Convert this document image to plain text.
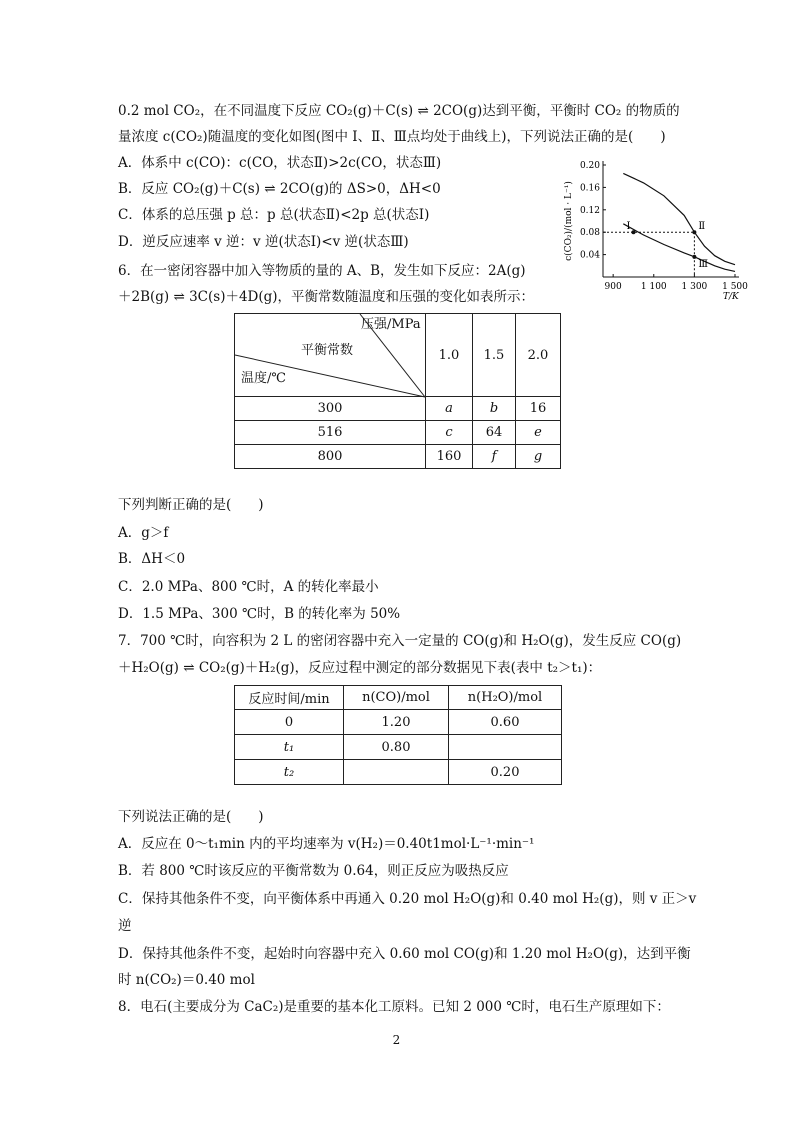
0.2 mol CO₂，在不同温度下反应 CO₂(g)＋C(s) ⇌ 2CO(g)达到平衡，平衡时 CO₂ 的物质的
量浓度 c(CO₂)随温度的变化如图(图中 Ⅰ、Ⅱ、Ⅲ点均处于曲线上)，下列说法正确的是(　　)
A．体系中 c(CO)：c(CO，状态Ⅱ)>2c(CO，状态Ⅲ)
B．反应 CO₂(g)＋C(s) ⇌ 2CO(g)的 ΔS>0，ΔH<0
C．体系的总压强 p 总：p 总(状态Ⅱ)<2p 总(状态Ⅰ)
D．逆反应速率 v 逆：v 逆(状态Ⅰ)<v 逆(状态Ⅲ)
0.04
0.08
0.12
0.16
0.20
900 1 100 1 300 1 500
T/K
c(CO₂)/(mol · L⁻¹)	Ⅰ	Ⅱ
Ⅲ
6．在一密闭容器中加入等物质的量的 A、B，发生如下反应：2A(g)
＋2B(g) ⇌ 3C(s)＋4D(g)，平衡常数随温度和压强的变化如表所示：
压强/MPa
平衡常数
温度/℃	1.0	1.5	2.0
300	a	b	16
516	c	64	e
800	160	f	g
下列判断正确的是(　　)
A．g＞f
B．ΔH＜0
C．2.0 MPa、800 ℃时，A 的转化率最小
D．1.5 MPa、300 ℃时，B 的转化率为 50%
7．700 ℃时，向容积为 2 L 的密闭容器中充入一定量的 CO(g)和 H₂O(g)，发生反应 CO(g)
＋H₂O(g) ⇌ CO₂(g)＋H₂(g)，反应过程中测定的部分数据见下表(表中 t₂＞t₁)：
反应时间/min	n(CO)/mol	n(H₂O)/mol
0	1.20	0.60
t₁	0.80	
t₂		0.20
下列说法正确的是(　　)
A．反应在 0～t₁min 内的平均速率为 v(H₂)＝0.40t1mol·L⁻¹·min⁻¹
B．若 800 ℃时该反应的平衡常数为 0.64，则正反应为吸热反应
C．保持其他条件不变，向平衡体系中再通入 0.20 mol H₂O(g)和 0.40 mol H₂(g)，则 v 正＞v
逆
D．保持其他条件不变，起始时向容器中充入 0.60 mol CO(g)和 1.20 mol H₂O(g)，达到平衡
时 n(CO₂)＝0.40 mol
8．电石(主要成分为 CaC₂)是重要的基本化工原料。已知 2 000 ℃时，电石生产原理如下：
2
